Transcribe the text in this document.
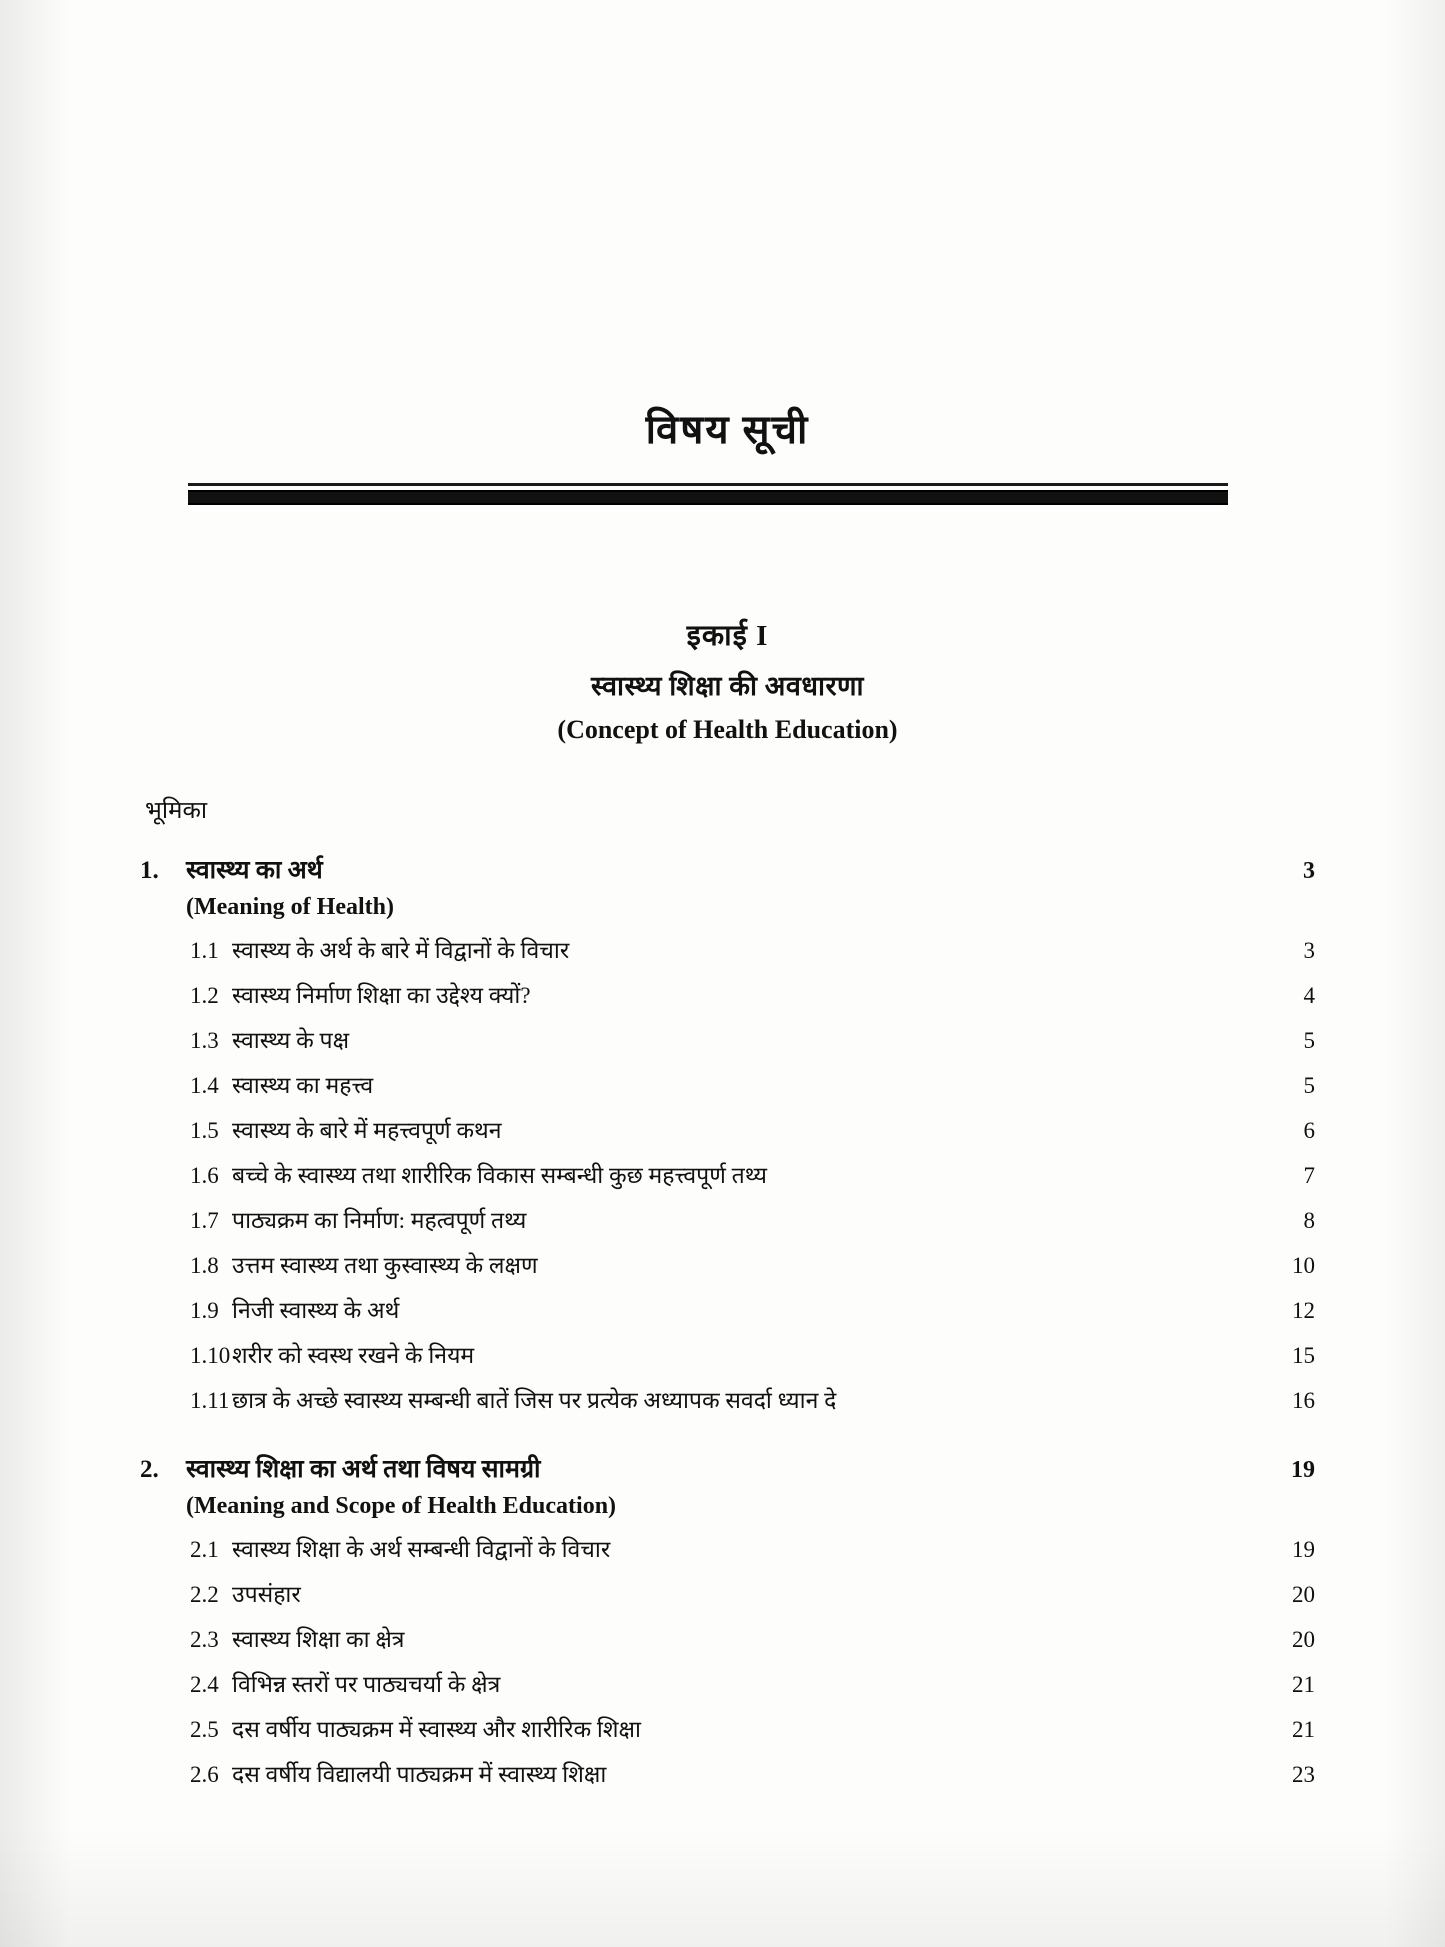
विषय सूची
इकाई I
स्वास्थ्य शिक्षा की अवधारणा
(Concept of Health Education)
भूमिका
1.	स्वास्थ्य का अर्थ	3
(Meaning of Health)
1.1 स्वास्थ्य के अर्थ के बारे में विद्वानों के विचार	3
1.2 स्वास्थ्य निर्माण शिक्षा का उद्देश्य क्यों?	4
1.3 स्वास्थ्य के पक्ष	5
1.4 स्वास्थ्य का महत्त्व	5
1.5 स्वास्थ्य के बारे में महत्त्वपूर्ण कथन	6
1.6 बच्चे के स्वास्थ्य तथा शारीरिक विकास सम्बन्धी कुछ महत्त्वपूर्ण तथ्य	7
1.7 पाठ्यक्रम का निर्माण: महत्वपूर्ण तथ्य	8
1.8 उत्तम स्वास्थ्य तथा कुस्वास्थ्य के लक्षण	10
1.9 निजी स्वास्थ्य के अर्थ	12
1.10 शरीर को स्वस्थ रखने के नियम	15
1.11 छात्र के अच्छे स्वास्थ्य सम्बन्धी बातें जिस पर प्रत्येक अध्यापक सवर्दा ध्यान दे	16
2.	स्वास्थ्य शिक्षा का अर्थ तथा विषय सामग्री	19
(Meaning and Scope of Health Education)
2.1 स्वास्थ्य शिक्षा के अर्थ सम्बन्धी विद्वानों के विचार	19
2.2 उपसंहार	20
2.3 स्वास्थ्य शिक्षा का क्षेत्र	20
2.4 विभिन्न स्तरों पर पाठ्यचर्या के क्षेत्र	21
2.5 दस वर्षीय पाठ्यक्रम में स्वास्थ्य और शारीरिक शिक्षा	21
2.6 दस वर्षीय विद्यालयी पाठ्यक्रम में स्वास्थ्य शिक्षा	23
